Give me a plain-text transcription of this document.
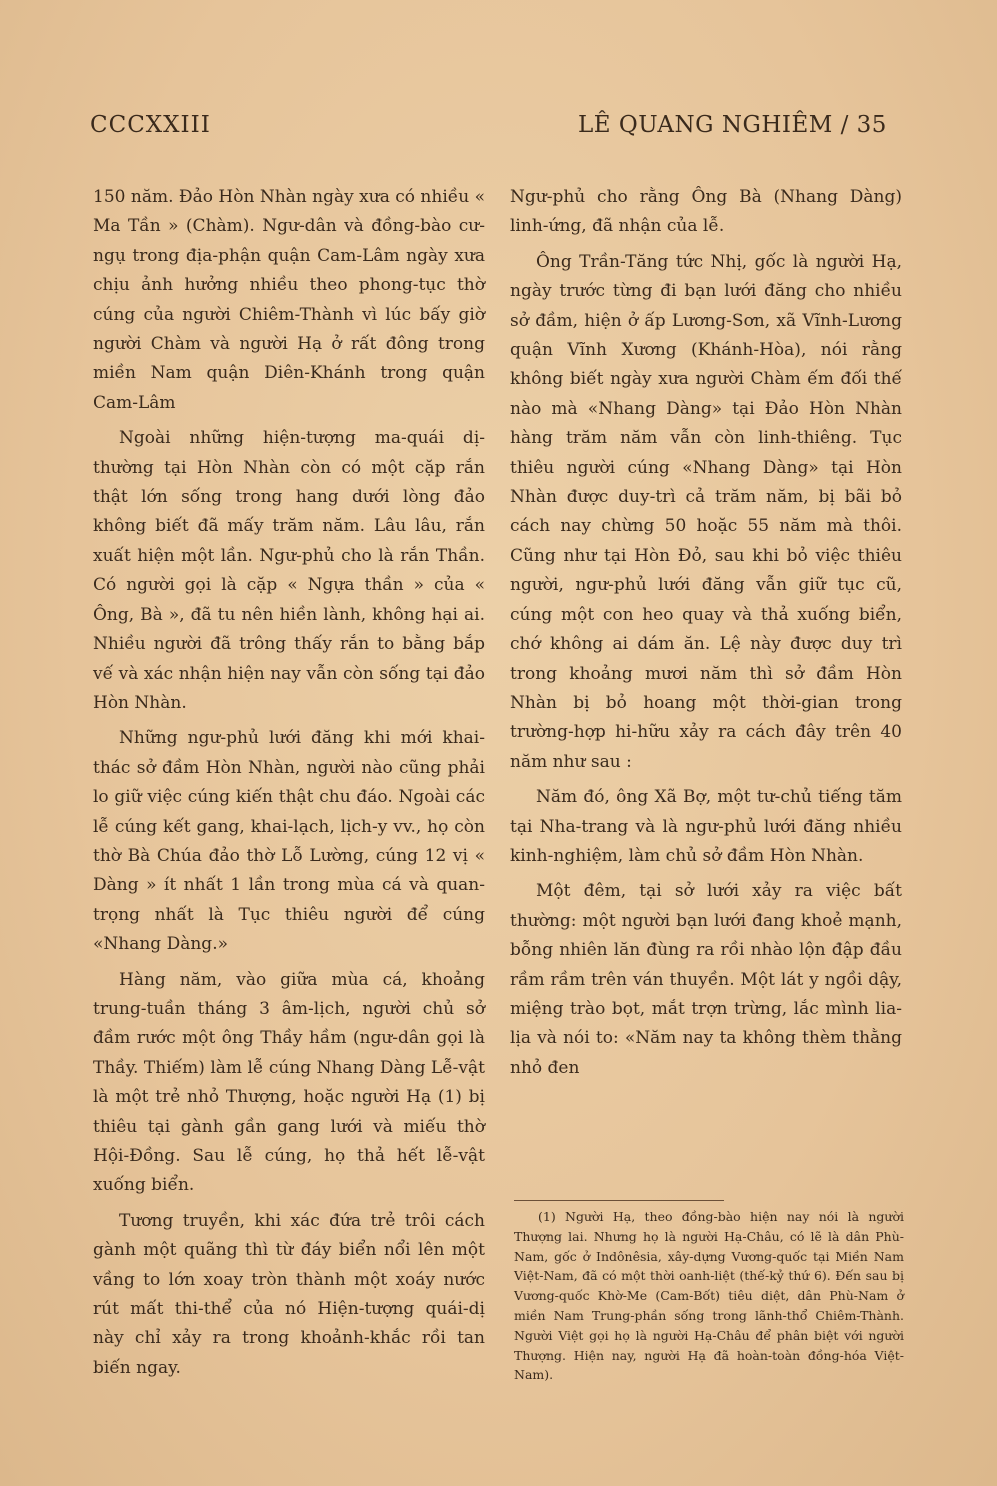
CCCXXIII	LÊ QUANG NGHIÊM / 35

150 năm. Đảo Hòn Nhàn ngày xưa có nhiều « Ma Tần » (Chàm). Ngư-dân và đồng-bào cư-ngụ trong địa-phận quận Cam-Lâm ngày xưa chịu ảnh hưởng nhiều theo phong-tục thờ cúng của người Chiêm-Thành vì lúc bấy giờ người Chàm và người Hạ ở rất đông trong miền Nam quận Diên-Khánh trong quận Cam-Lâm

Ngoài những hiện-tượng ma-quái dị-thường tại Hòn Nhàn còn có một cặp rắn thật lớn sống trong hang dưới lòng đảo không biết đã mấy trăm năm. Lâu lâu, rắn xuất hiện một lần. Ngư-phủ cho là rắn Thần. Có người gọi là cặp « Ngựa thần » của « Ông, Bà », đã tu nên hiền lành, không hại ai. Nhiều người đã trông thấy rắn to bằng bắp vế và xác nhận hiện nay vẫn còn sống tại đảo Hòn Nhàn.

Những ngư-phủ lưới đăng khi mới khai-thác sở đầm Hòn Nhàn, người nào cũng phải lo giữ việc cúng kiến thật chu đáo. Ngoài các lễ cúng kết gang, khai-lạch, lịch-y vv., họ còn thờ Bà Chúa đảo thờ Lỗ Lường, cúng 12 vị « Dàng » ít nhất 1 lần trong mùa cá và quan-trọng nhất là Tục thiêu người để cúng «Nhang Dàng.»

Hàng năm, vào giữa mùa cá, khoảng trung-tuần tháng 3 âm-lịch, người chủ sở đầm rước một ông Thầy hầm (ngư-dân gọi là Thầy. Thiếm) làm lễ cúng Nhang Dàng Lễ-vật là một trẻ nhỏ Thượng, hoặc người Hạ (1) bị thiêu tại gành gần gang lưới và miếu thờ Hội-Đồng. Sau lễ cúng, họ thả hết lễ-vật xuống biển.

Tương truyền, khi xác đứa trẻ trôi cách gành một quãng thì từ đáy biển nổi lên một vầng to lớn xoay tròn thành một xoáy nước rút mất thi-thể của nó Hiện-tượng quái-dị này chỉ xảy ra trong khoảnh-khắc rồi tan biến ngay.

Ngư-phủ cho rằng Ông Bà (Nhang Dàng) linh-ứng, đã nhận của lễ.

Ông Trần-Tăng tức Nhị, gốc là người Hạ, ngày trước từng đi bạn lưới đăng cho nhiều sở đầm, hiện ở ấp Lương-Sơn, xã Vĩnh-Lương quận Vĩnh Xương (Khánh-Hòa), nói rằng không biết ngày xưa người Chàm ếm đối thế nào mà «Nhang Dàng» tại Đảo Hòn Nhàn hàng trăm năm vẫn còn linh-thiêng. Tục thiêu người cúng «Nhang Dàng» tại Hòn Nhàn được duy-trì cả trăm năm, bị bãi bỏ cách nay chừng 50 hoặc 55 năm mà thôi. Cũng như tại Hòn Đỏ, sau khi bỏ việc thiêu người, ngư-phủ lưới đăng vẫn giữ tục cũ, cúng một con heo quay và thả xuống biển, chớ không ai dám ăn. Lệ này được duy trì trong khoảng mươi năm thì sở đầm Hòn Nhàn bị bỏ hoang một thời-gian trong trường-hợp hi-hữu xảy ra cách đây trên 40 năm như sau :

Năm đó, ông Xã Bợ, một tư-chủ tiếng tăm tại Nha-trang và là ngư-phủ lưới đăng nhiều kinh-nghiệm, làm chủ sở đầm Hòn Nhàn.

Một đêm, tại sở lưới xảy ra việc bất thường: một người bạn lưới đang khoẻ mạnh, bỗng nhiên lăn đùng ra rồi nhào lộn đập đầu rầm rầm trên ván thuyền. Một lát y ngồi dậy, miệng trào bọt, mắt trợn trừng, lắc mình lia-lịa và nói to: «Năm nay ta không thèm thằng nhỏ đen

(1) Người Hạ, theo đồng-bào hiện nay nói là người Thượng lai. Nhưng họ là người Hạ-Châu, có lẽ là dân Phù-Nam, gốc ở Indônêsia, xây-dựng Vương-quốc tại Miền Nam Việt-Nam, đã có một thời oanh-liệt (thế-kỷ thứ 6). Đến sau bị Vương-quốc Khờ-Me (Cam-Bốt) tiêu diệt, dân Phù-Nam ở miền Nam Trung-phần sống trong lãnh-thổ Chiêm-Thành. Người Việt gọi họ là người Hạ-Châu để phân biệt với người Thượng. Hiện nay, người Hạ đã hoàn-toàn đồng-hóa Việt-Nam).
